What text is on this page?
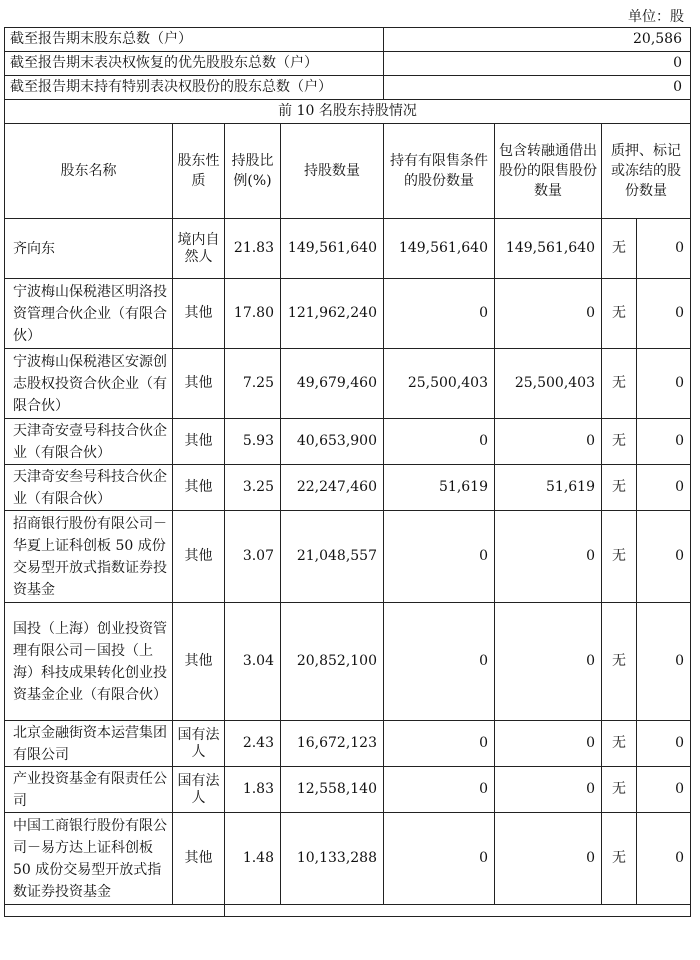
单位：股
截至报告期末股东总数（户）				20,586			
截至报告期末表决权恢复的优先股股东总数（户）				0			
截至报告期末持有特别表决权股份的股东总数（户）				0			
前 10 名股东持股情况							
股东名称	股东性质	持股比例(%)	持股数量	持有有限售条件的股份数量	包含转融通借出股份的限售股份数量	质押、标记或冻结的股份数量	
齐向东	境内自然人	21.83	149,561,640	149,561,640	149,561,640	无	0
宁波梅山保税港区明洛投资管理合伙企业（有限合伙）	其他	17.80	121,962,240	0	0	无	0
宁波梅山保税港区安源创志股权投资合伙企业（有限合伙）	其他	7.25	49,679,460	25,500,403	25,500,403	无	0
天津奇安壹号科技合伙企业（有限合伙）	其他	5.93	40,653,900	0	0	无	0
天津奇安叁号科技合伙企业（有限合伙）	其他	3.25	22,247,460	51,619	51,619	无	0
招商银行股份有限公司－华夏上证科创板 50 成份交易型开放式指数证券投资基金	其他	3.07	21,048,557	0	0	无	0
国投（上海）创业投资管理有限公司－国投（上海）科技成果转化创业投资基金企业（有限合伙）	其他	3.04	20,852,100	0	0	无	0
北京金融街资本运营集团有限公司	国有法人	2.43	16,672,123	0	0	无	0
产业投资基金有限责任公司	国有法人	1.83	12,558,140	0	0	无	0
中国工商银行股份有限公司－易方达上证科创板 50 成份交易型开放式指数证券投资基金	其他	1.48	10,133,288	0	0	无	0
